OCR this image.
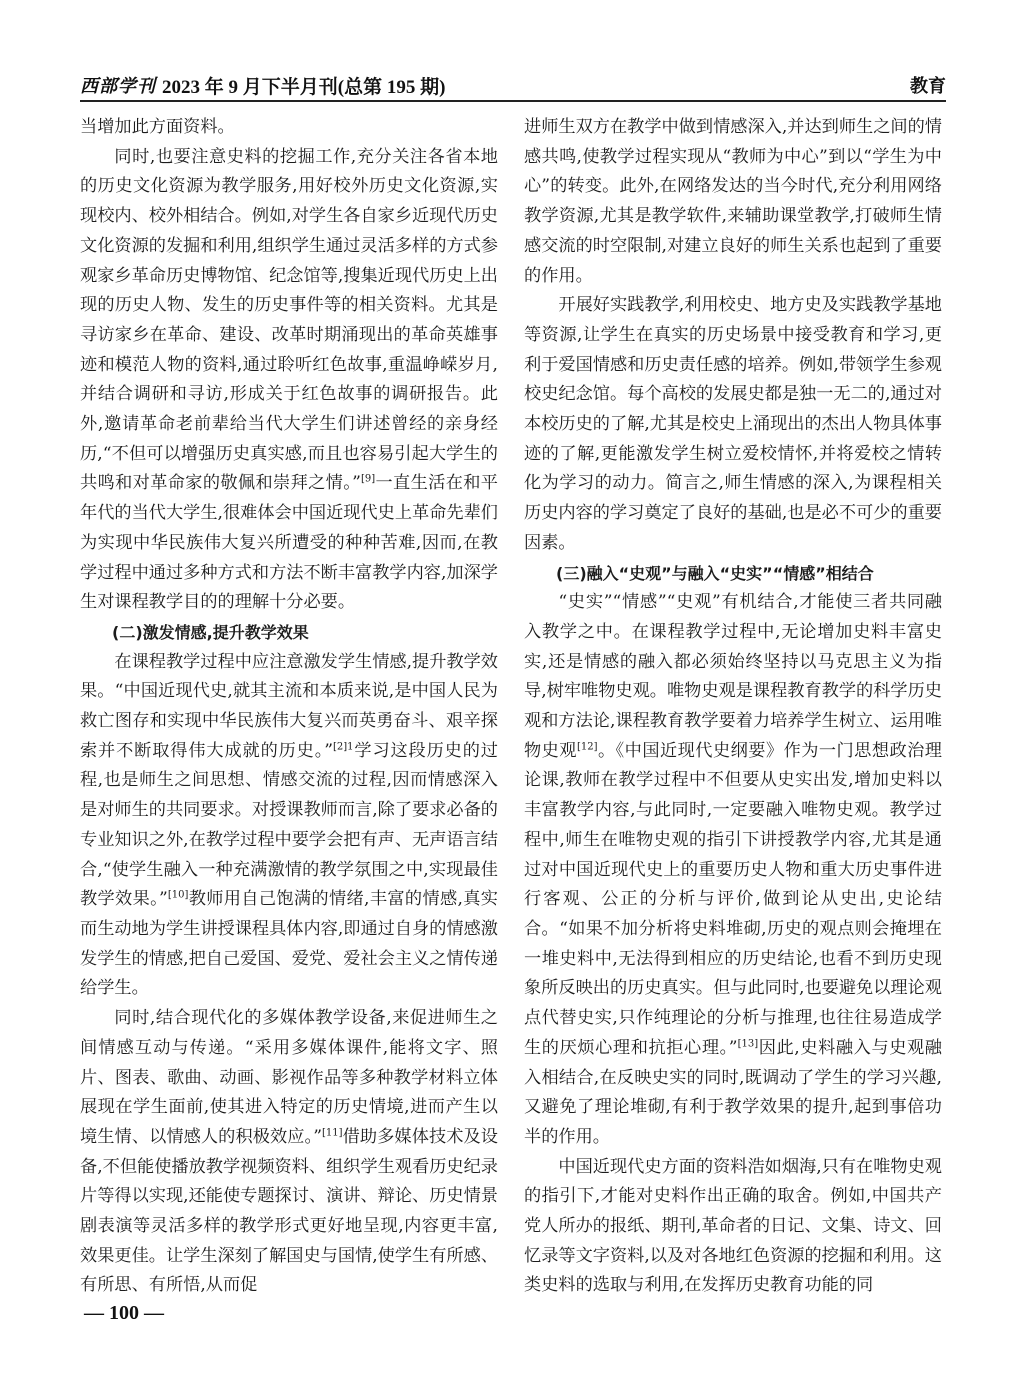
西部学刊 2023 年 9 月下半月刊(总第 195 期)	教育

当增加此方面资料。

同时,也要注意史料的挖掘工作,充分关注各省本地的历史文化资源为教学服务,用好校外历史文化资源,实现校内、校外相结合。例如,对学生各自家乡近现代历史文化资源的发掘和利用,组织学生通过灵活多样的方式参观家乡革命历史博物馆、纪念馆等,搜集近现代历史上出现的历史人物、发生的历史事件等的相关资料。尤其是寻访家乡在革命、建设、改革时期涌现出的革命英雄事迹和模范人物的资料,通过聆听红色故事,重温峥嵘岁月,并结合调研和寻访,形成关于红色故事的调研报告。此外,邀请革命老前辈给当代大学生们讲述曾经的亲身经历,“不但可以增强历史真实感,而且也容易引起大学生的共鸣和对革命家的敬佩和崇拜之情。”[9]一直生活在和平年代的当代大学生,很难体会中国近现代史上革命先辈们为实现中华民族伟大复兴所遭受的种种苦难,因而,在教学过程中通过多种方式和方法不断丰富教学内容,加深学生对课程教学目的的理解十分必要。

(二)激发情感,提升教学效果

在课程教学过程中应注意激发学生情感,提升教学效果。“中国近现代史,就其主流和本质来说,是中国人民为救亡图存和实现中华民族伟大复兴而英勇奋斗、艰辛探索并不断取得伟大成就的历史。”$^{[2]1}$学习这段历史的过程,也是师生之间思想、情感交流的过程,因而情感深入是对师生的共同要求。对授课教师而言,除了要求必备的专业知识之外,在教学过程中要学会把有声、无声语言结合,“使学生融入一种充满激情的教学氛围之中,实现最佳教学效果。”[10]教师用自己饱满的情绪,丰富的情感,真实而生动地为学生讲授课程具体内容,即通过自身的情感激发学生的情感,把自己爱国、爱党、爱社会主义之情传递给学生。

同时,结合现代化的多媒体教学设备,来促进师生之间情感互动与传递。“采用多媒体课件,能将文字、照片、图表、歌曲、动画、影视作品等多种教学材料立体展现在学生面前,使其进入特定的历史情境,进而产生以境生情、以情感人的积极效应。”[11]借助多媒体技术及设备,不但能使播放教学视频资料、组织学生观看历史纪录片等得以实现,还能使专题探讨、演讲、辩论、历史情景剧表演等灵活多样的教学形式更好地呈现,内容更丰富,效果更佳。让学生深刻了解国史与国情,使学生有所感、有所思、有所悟,从而促

进师生双方在教学中做到情感深入,并达到师生之间的情感共鸣,使教学过程实现从“教师为中心”到以“学生为中心”的转变。此外,在网络发达的当今时代,充分利用网络教学资源,尤其是教学软件,来辅助课堂教学,打破师生情感交流的时空限制,对建立良好的师生关系也起到了重要的作用。

开展好实践教学,利用校史、地方史及实践教学基地等资源,让学生在真实的历史场景中接受教育和学习,更利于爱国情感和历史责任感的培养。例如,带领学生参观校史纪念馆。每个高校的发展史都是独一无二的,通过对本校历史的了解,尤其是校史上涌现出的杰出人物具体事迹的了解,更能激发学生树立爱校情怀,并将爱校之情转化为学习的动力。简言之,师生情感的深入,为课程相关历史内容的学习奠定了良好的基础,也是必不可少的重要因素。

(三)融入“史观”与融入“史实”“情感”相结合

“史实”“情感”“史观”有机结合,才能使三者共同融入教学之中。在课程教学过程中,无论增加史料丰富史实,还是情感的融入都必须始终坚持以马克思主义为指导,树牢唯物史观。唯物史观是课程教育教学的科学历史观和方法论,课程教育教学要着力培养学生树立、运用唯物史观[12]。《中国近现代史纲要》作为一门思想政治理论课,教师在教学过程中不但要从史实出发,增加史料以丰富教学内容,与此同时,一定要融入唯物史观。教学过程中,师生在唯物史观的指引下讲授教学内容,尤其是通过对中国近现代史上的重要历史人物和重大历史事件进行客观、公正的分析与评价,做到论从史出,史论结合。“如果不加分析将史料堆砌,历史的观点则会掩埋在一堆史料中,无法得到相应的历史结论,也看不到历史现象所反映出的历史真实。但与此同时,也要避免以理论观点代替史实,只作纯理论的分析与推理,也往往易造成学生的厌烦心理和抗拒心理。”[13]因此,史料融入与史观融入相结合,在反映史实的同时,既调动了学生的学习兴趣,又避免了理论堆砌,有利于教学效果的提升,起到事倍功半的作用。

中国近现代史方面的资料浩如烟海,只有在唯物史观的指引下,才能对史料作出正确的取舍。例如,中国共产党人所办的报纸、期刊,革命者的日记、文集、诗文、回忆录等文字资料,以及对各地红色资源的挖掘和利用。这类史料的选取与利用,在发挥历史教育功能的同

— 100 —
